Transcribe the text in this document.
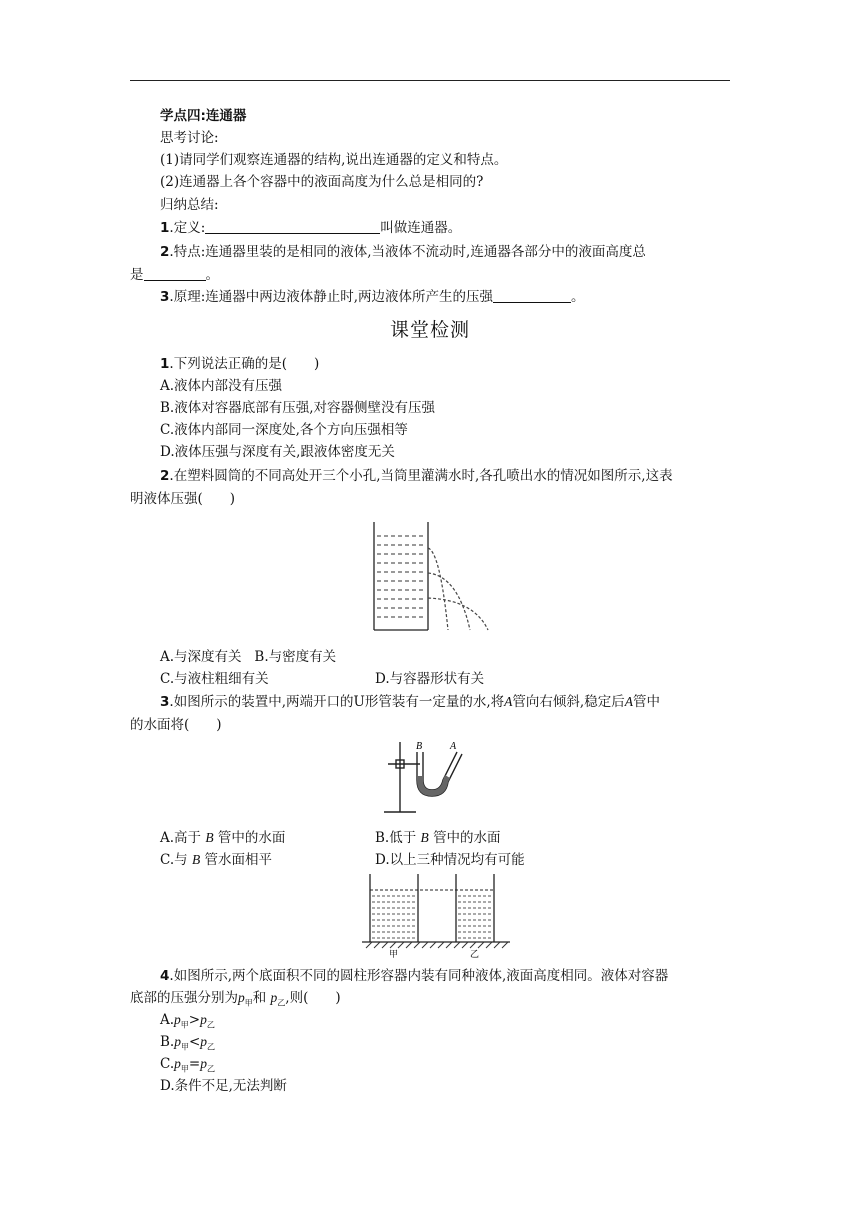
学点四:连通器
思考讨论:
(1)请同学们观察连通器的结构,说出连通器的定义和特点。
(2)连通器上各个容器中的液面高度为什么总是相同的?
归纳总结:
1.定义:	叫做连通器。
2.特点:连通器里装的是相同的液体,当液体不流动时,连通器各部分中的液面高度总
是	。
3.原理:连通器中两边液体静止时,两边液体所产生的压强	。
课堂检测
1.下列说法正确的是(　　)
A.液体内部没有压强
B.液体对容器底部有压强,对容器侧壁没有压强
C.液体内部同一深度处,各个方向压强相等
D.液体压强与深度有关,跟液体密度无关
2.在塑料圆筒的不同高处开三个小孔,当筒里灌满水时,各孔喷出水的情况如图所示,这表
明液体压强(　　)
A.与深度有关 B.与密度有关
C.与液柱粗细有关	D.与容器形状有关
3.如图所示的装置中,两端开口的U形管装有一定量的水,将A管向右倾斜,稳定后A管中
的水面将(　　)
B	A
A.高于 B 管中的水面	B.低于 B 管中的水面
C.与 B 管水面相平	D.以上三种情况均有可能
甲	乙
4.如图所示,两个底面积不同的圆柱形容器内装有同种液体,液面高度相同。液体对容器
底部的压强分别为$p_甲$和 $p_乙$,则(　　)
$A.p_甲>p_乙$
$B.p_甲<p_乙$
$C.p_甲=p_乙$
D.条件不足,无法判断
